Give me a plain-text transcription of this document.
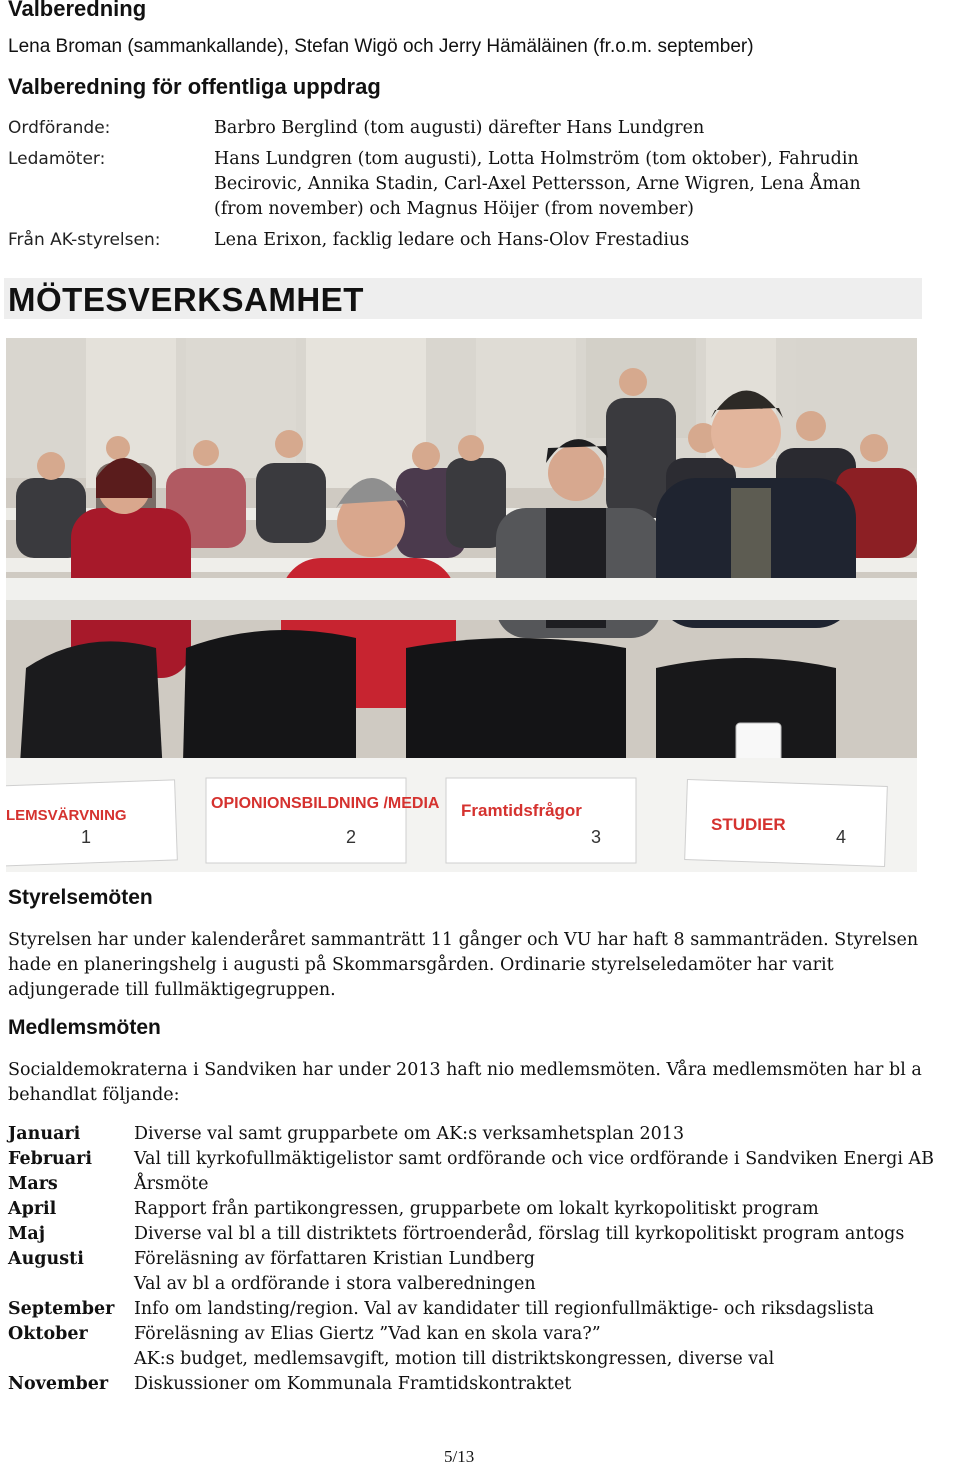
Valberedning
Lena Broman (sammankallande), Stefan Wigö och Jerry Hämäläinen (fr.o.m. september)
Valberedning för offentliga uppdrag
Ordförande:	Barbro Berglind (tom augusti) därefter Hans Lundgren
Ledamöter:	Hans Lundgren (tom augusti), Lotta Holmström (tom oktober), Fahrudin Becirovic, Annika Stadin, Carl-Axel Pettersson, Arne Wigren, Lena Åman (from november) och Magnus Höijer (from november)
Från AK-styrelsen:	Lena Erixon, facklig ledare och Hans-Olov Frestadius
MÖTESVERKSAMHET
LEMSVÄRVNING
1
OPIONIONSBILDNING /MEDIA
2
Framtidsfrågor
3
STUDIER
4
Styrelsemöten
Styrelsen har under kalenderåret sammanträtt 11 gånger och VU har haft 8 sammanträden. Styrelsen hade en planeringshelg i augusti på Skommarsgården. Ordinarie styrelseledamöter har varit adjungerade till fullmäktigegruppen.
Medlemsmöten
Socialdemokraterna i Sandviken har under 2013 haft nio medlemsmöten. Våra medlemsmöten har bl a behandlat följande:
Januari	Diverse val samt grupparbete om AK:s verksamhetsplan 2013
Februari	Val till kyrkofullmäktigelistor samt ordförande och vice ordförande i Sandviken Energi AB
Mars	Årsmöte
April	Rapport från partikongressen, grupparbete om lokalt kyrkopolitiskt program
Maj	Diverse val bl a till distriktets förtroenderåd, förslag till kyrkopolitiskt program antogs
Augusti	Föreläsning av författaren Kristian Lundberg
Val av bl a ordförande i stora valberedningen
September	Info om landsting/region. Val av kandidater till regionfullmäktige- och riksdagslista
Oktober	Föreläsning av Elias Giertz ”Vad kan en skola vara?”
AK:s budget, medlemsavgift, motion till distriktskongressen, diverse val
November	Diskussioner om Kommunala Framtidskontraktet
5/13
